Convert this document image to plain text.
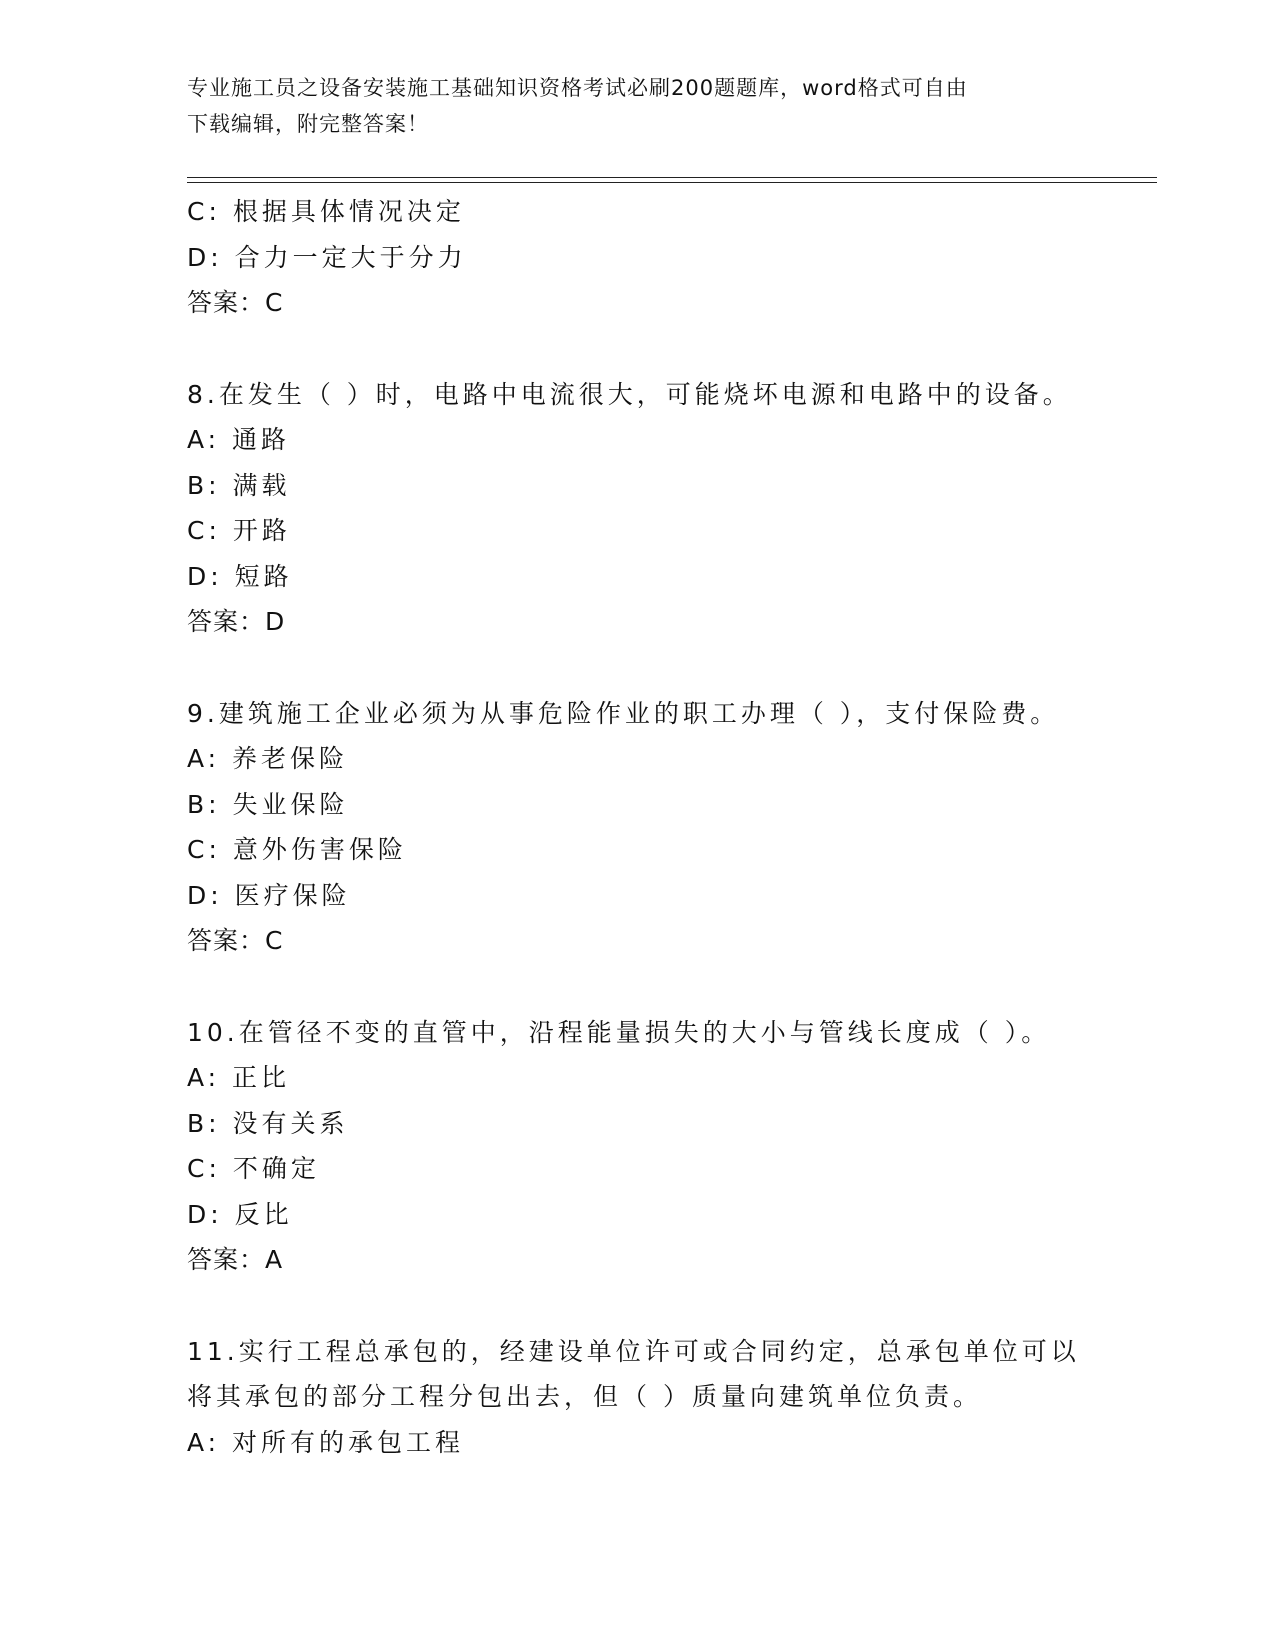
专业施工员之设备安装施工基础知识资格考试必刷200题题库，word格式可自由
下载编辑，附完整答案！
C: 根据具体情况决定
D: 合力一定大于分力
答案：C
8.在发生（ ）时，电路中电流很大，可能烧坏电源和电路中的设备。
A: 通路
B: 满载
C: 开路
D: 短路
答案：D
9.建筑施工企业必须为从事危险作业的职工办理（ ），支付保险费。
A: 养老保险
B: 失业保险
C: 意外伤害保险
D: 医疗保险
答案：C
10.在管径不变的直管中，沿程能量损失的大小与管线长度成（ ）。
A: 正比
B: 没有关系
C: 不确定
D: 反比
答案：A
11.实行工程总承包的，经建设单位许可或合同约定，总承包单位可以
将其承包的部分工程分包出去，但（ ）质量向建筑单位负责。
A: 对所有的承包工程
